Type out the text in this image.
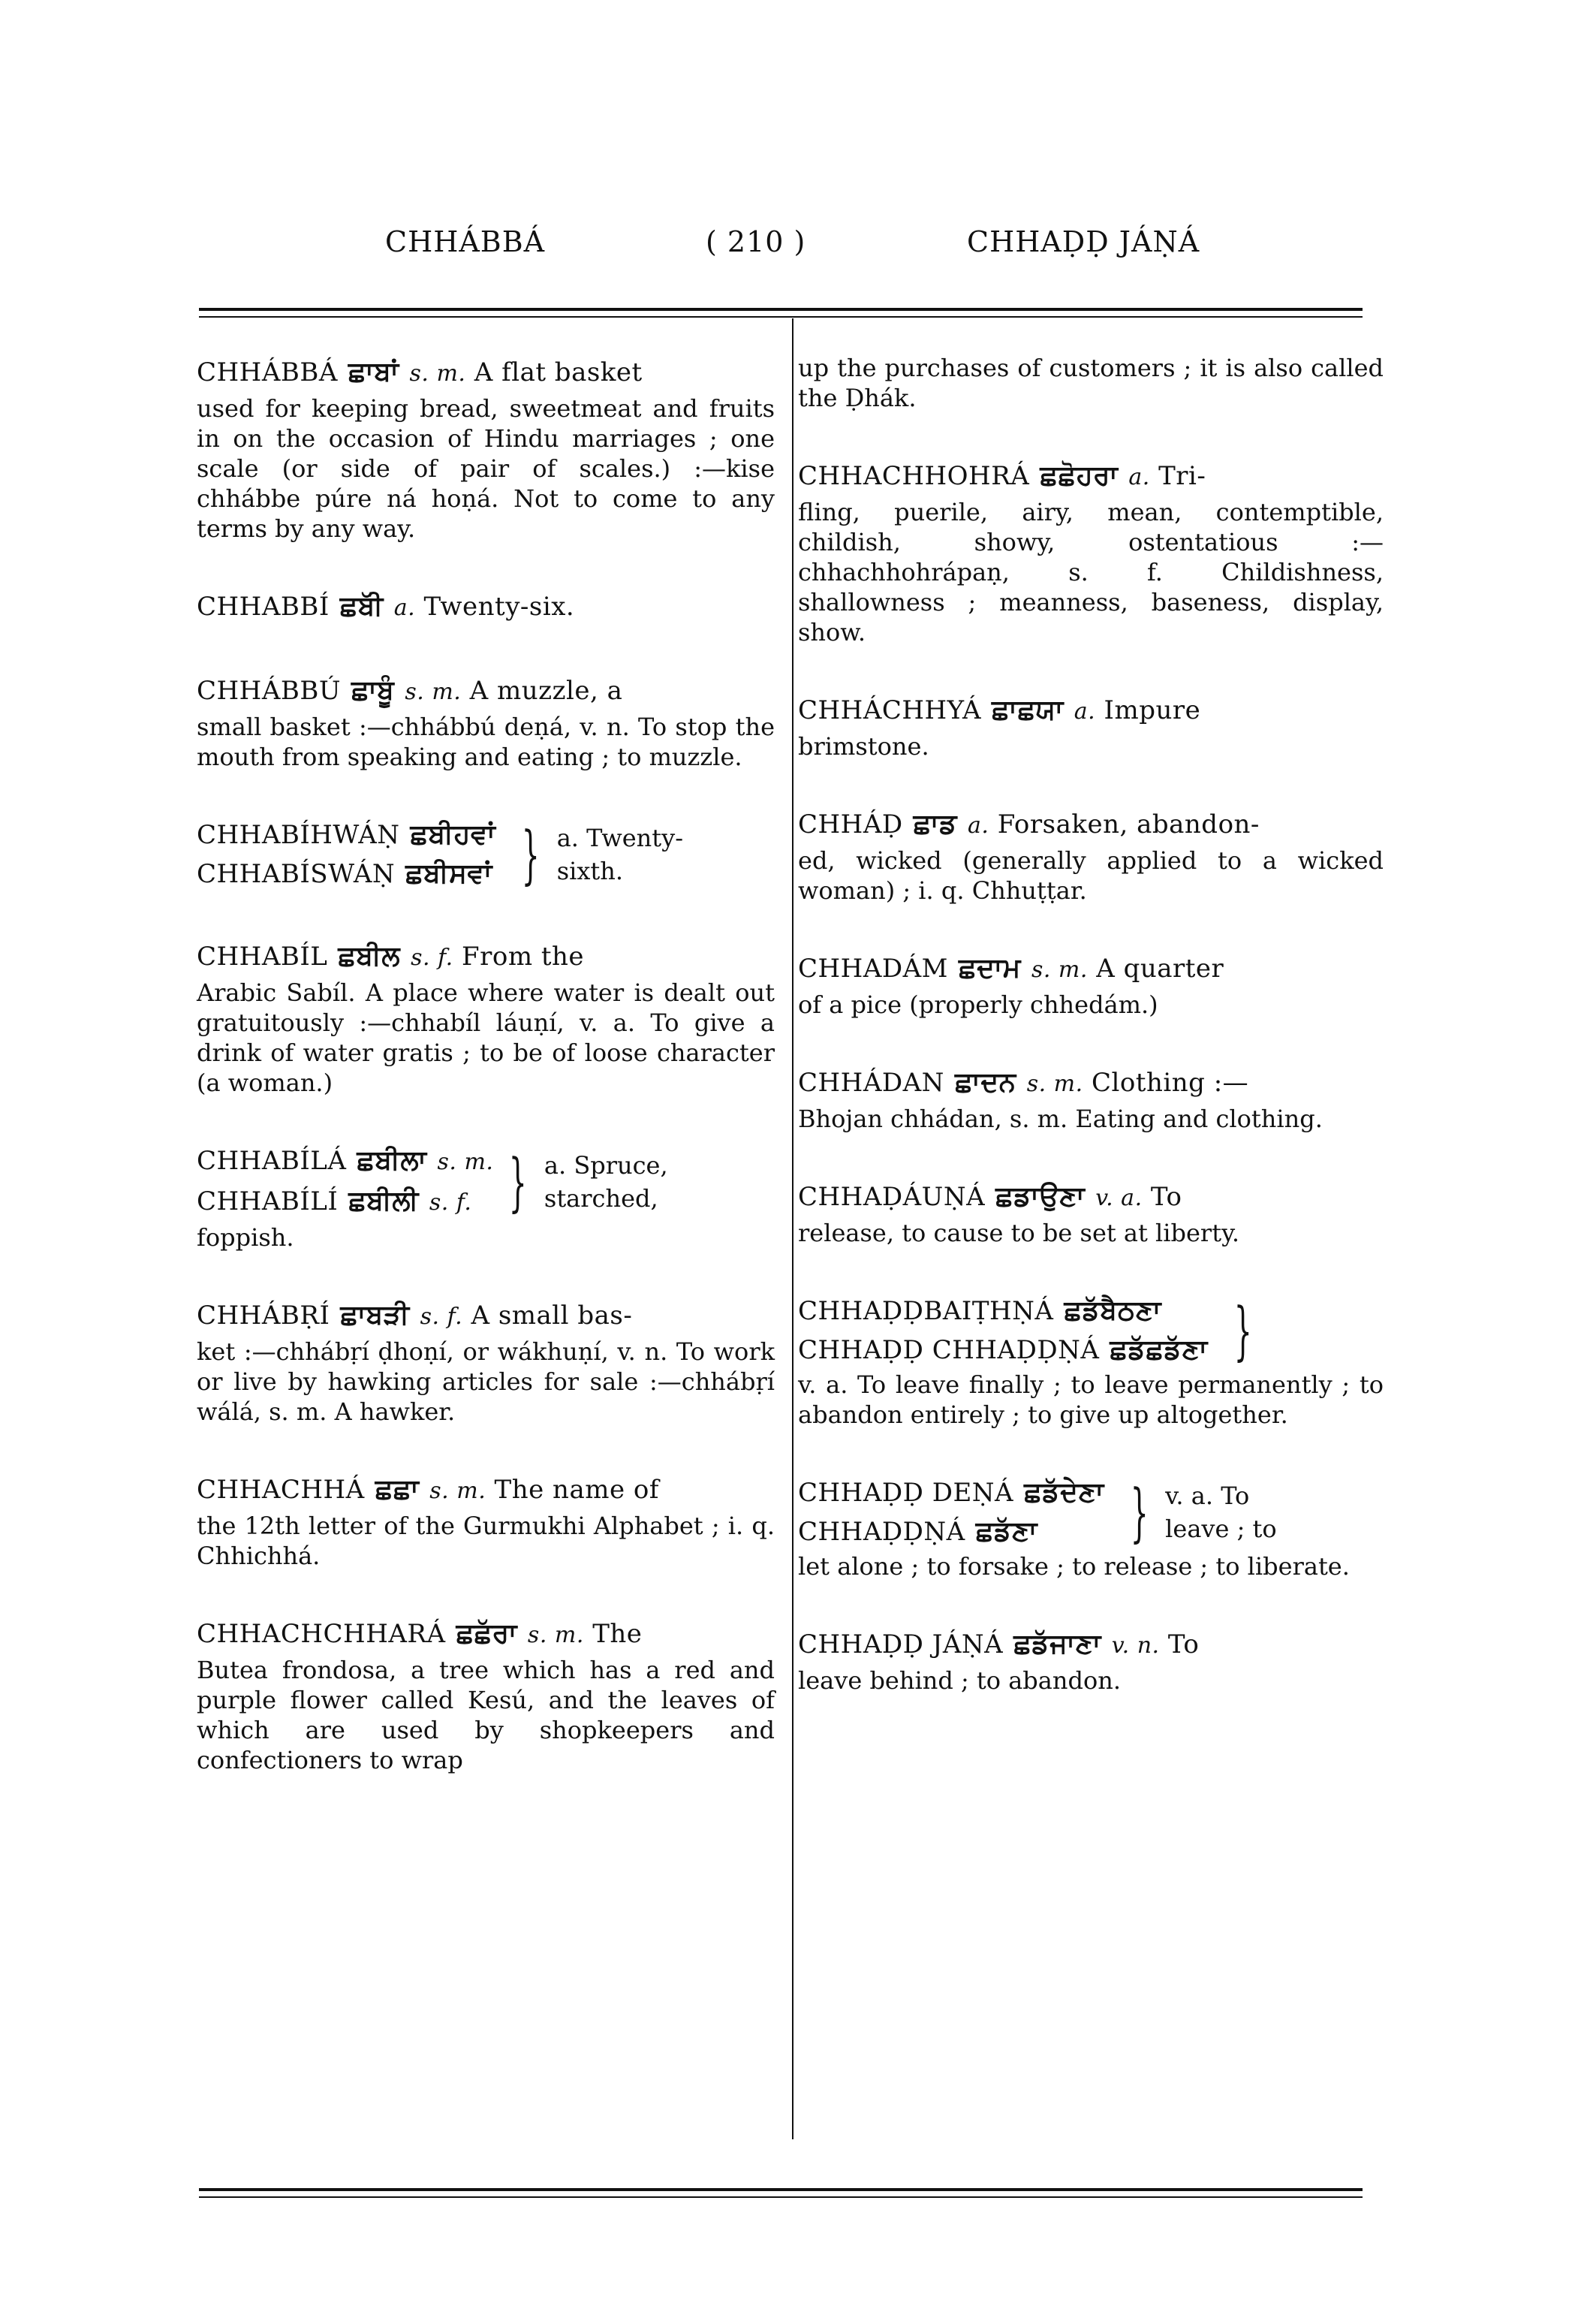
CHHÁBBÁ	( 210 )	CHHAḌḌ JÁṆÁ
CHHÁBBÁ ਛਾਬਾਂ s. m. A flat basket
used for keeping bread, sweetmeat and fruits in on the occasion of Hindu marriages ; one scale (or side of pair of scales.) :—kise chhábbe púre ná hoṇá. Not to come to any terms by any way.
CHHABBÍ ਛਬੱੀ a. Twenty-six.
CHHÁBBÚ ਛਾਬੂੰ s. m. A muzzle, a
small basket :—chhábbú deṇá, v. n. To stop the mouth from speaking and eating ; to muzzle.
CHHABÍHWÁṆ ਛਬੀਹਵਾਂ
CHHABÍSWÁṆ ਛਬੀਸਵਾਂ } a. Twenty-
sixth.
CHHABÍL ਛਬੀਲ s. f. From the
Arabic Sabíl. A place where water is dealt out gratuitously :—chhabíl láuṇí, v. a. To give a drink of water gratis ; to be of loose character (a woman.)
CHHABÍLÁ ਛਬੀਲਾ s. m.
CHHABÍLÍ ਛਬੀਲੀ s. f. } a. Spruce,
starched,
foppish.
CHHÁBṚÍ ਛਾਬੜੀ s. f. A small bas-
ket :—chhábṛí ḍhoṇí, or wákhuṇí, v. n. To work or live by hawking articles for sale :—chhábṛí wálá, s. m. A hawker.
CHHACHHÁ ਛਛਾ s. m. The name of
the 12th letter of the Gurmukhi Alphabet ; i. q. Chhichhá.
CHHACHCHHARÁ ਛਛੱਰਾ s. m. The
Butea frondosa, a tree which has a red and purple flower called Kesú, and the leaves of which are used by shopkeepers and confectioners to wrap
up the purchases of customers ; it is also called the Ḍhák.
CHHACHHOHRÁ ਛਛੋਹਰਾ a. Tri-
fling, puerile, airy, mean, contemptible, childish, showy, ostentatious :—chhachhohrápaṇ, s. f. Childishness, shallowness ; meanness, baseness, display, show.
CHHÁCHHYÁ ਛਾਛਯਾ a. Impure
brimstone.
CHHÁḌ ਛਾਡ a. Forsaken, abandon-
ed, wicked (generally applied to a wicked woman) ; i. q. Chhuṭṭar.
CHHADÁM ਛਦਾਮ s. m. A quarter
of a pice (properly chhedám.)
CHHÁDAN ਛਾਦਨ s. m. Clothing :—
Bhojan chhádan, s. m. Eating and clothing.
CHHAḌÁUṆÁ ਛਡਾਉਣਾ v. a. To
release, to cause to be set at liberty.
CHHAḌḌBAIṬHṆÁ ਛਡੱਬੈਠਣਾ
CHHAḌḌ CHHAḌḌṆÁ ਛਡੱਛਡੱਣਾ }
v. a. To leave finally ; to leave permanently ; to abandon entirely ; to give up altogether.
CHHAḌḌ DEṆÁ ਛਡੱਦੇਣਾ
CHHAḌḌṆÁ ਛਡੱਣਾ	} v. a. To
leave ; to
let alone ; to forsake ; to release ; to liberate.
CHHAḌḌ JÁṆÁ ਛਡੱਜਾਣਾ v. n. To
leave behind ; to abandon.
